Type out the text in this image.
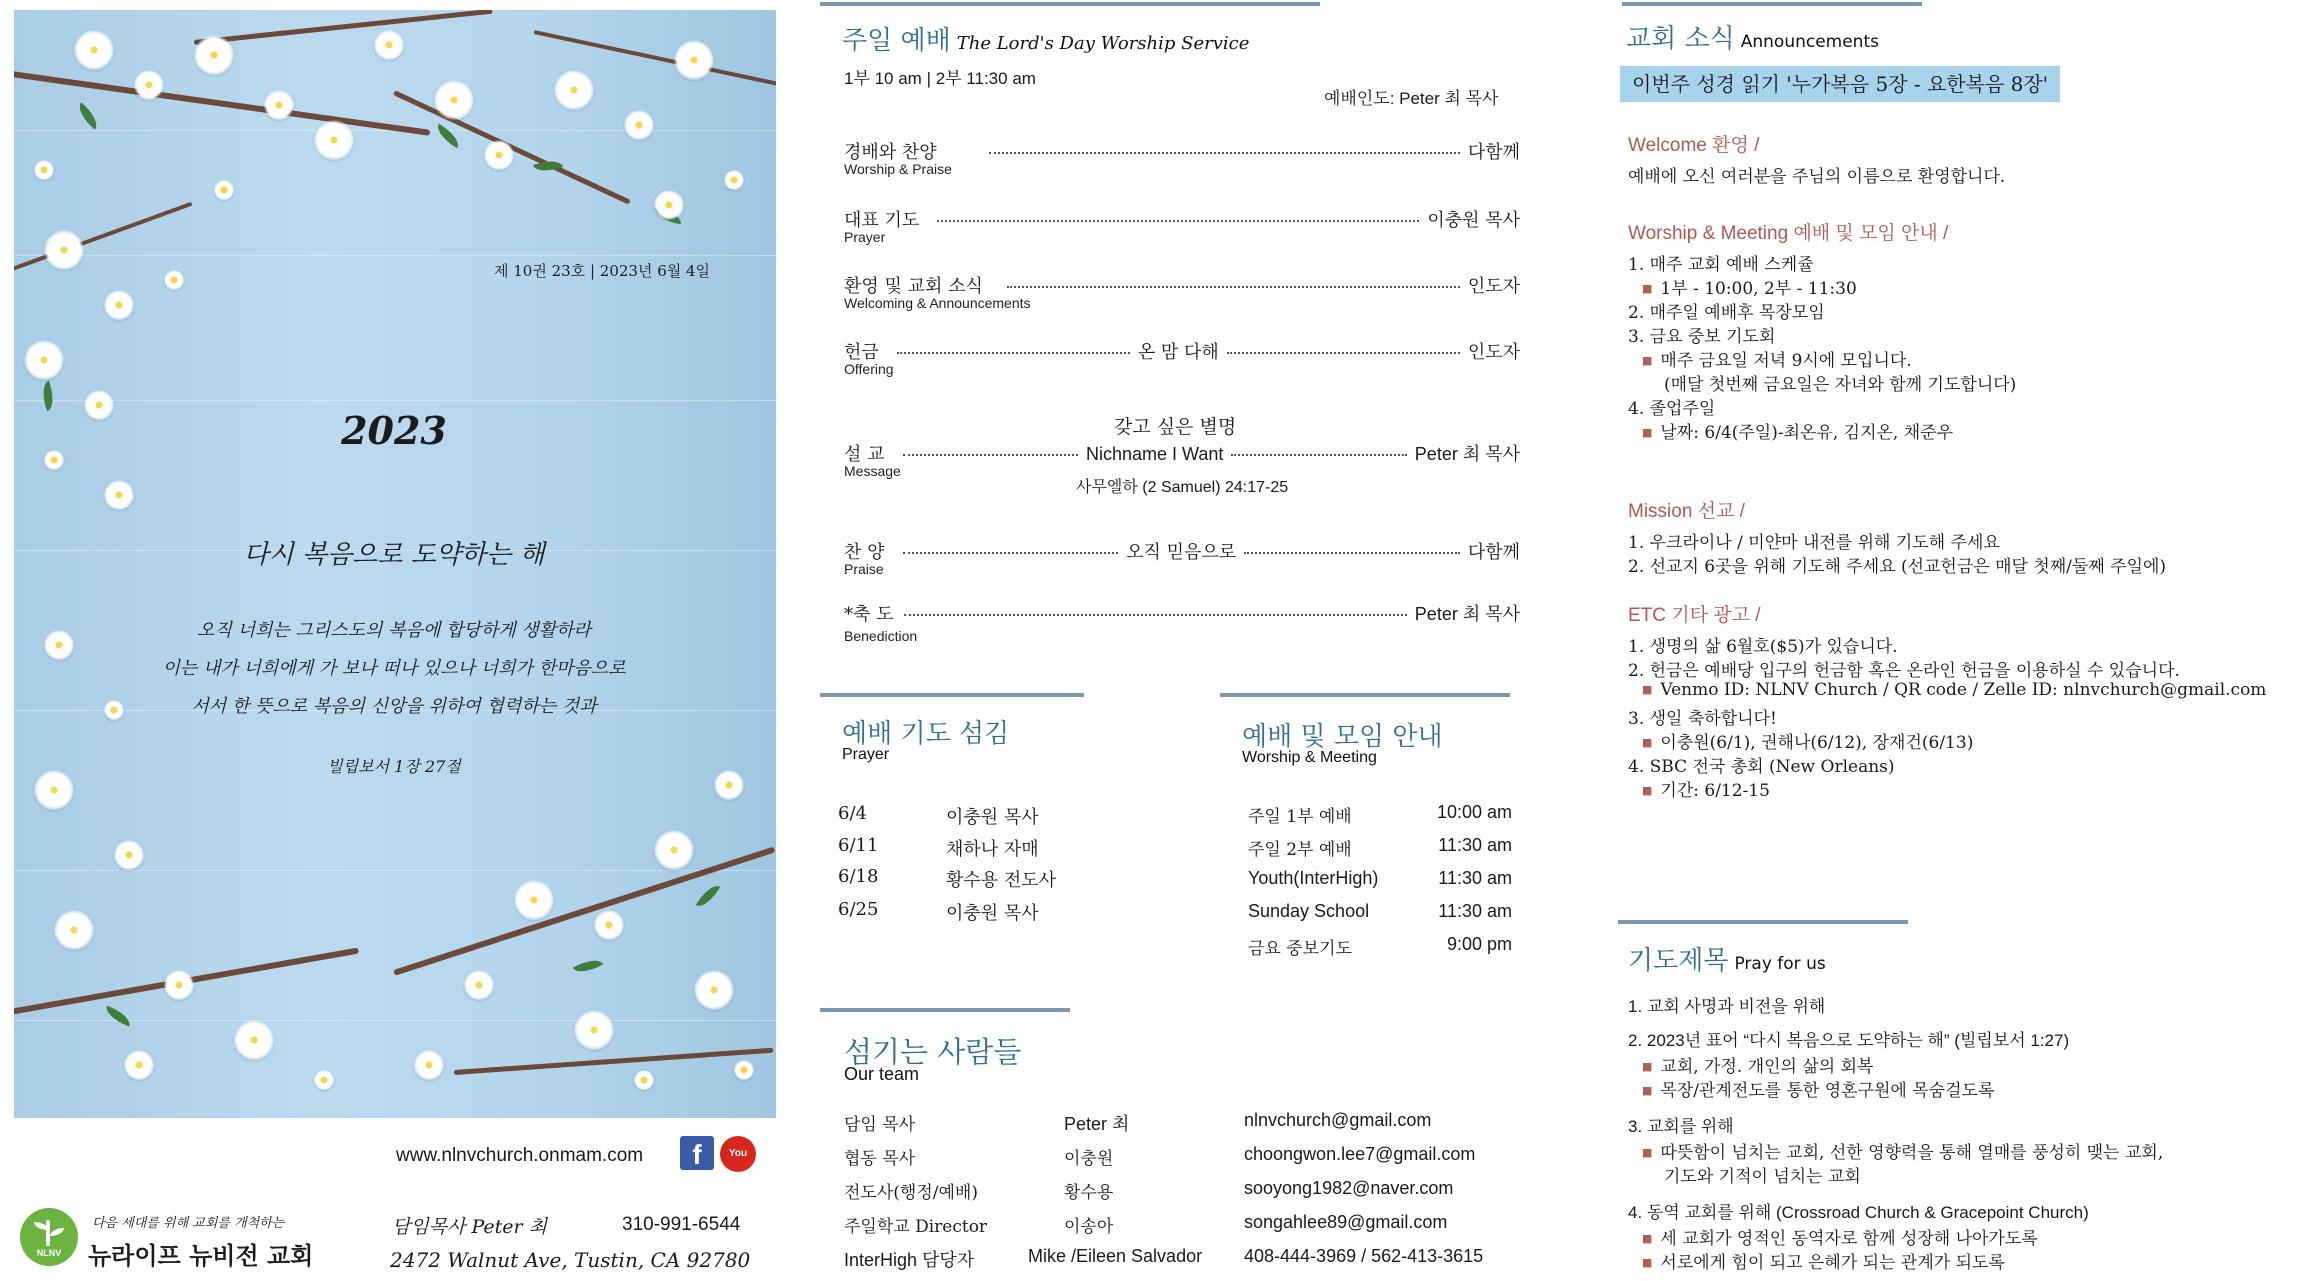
제 10권 23호 | 2023년 6월 4일
2023
다시 복음으로 도약하는 해
오직 너희는 그리스도의 복음에 합당하게 생활하라
이는 내가 너희에게 가 보나 떠나 있으나 너희가 한마음으로
서서 한 뜻으로 복음의 신앙을 위하여 협력하는 것과
빌립보서 1장 27절
www.nlnvchurch.onmam.com	f	You Tube
NLNV
다음 세대를 위해 교회를 개척하는
뉴라이프 뉴비전 교회
담임목사 Peter 최	310-991-6544
2472 Walnut Ave, Tustin, CA 92780
주일 예배 The Lord's Day Worship Service
1부 10 am | 2부 11:30 am
예배인도: Peter 최 목사
경배와 찬양	다함께
Worship & Praise
대표 기도	이충원 목사
Prayer
환영 및 교회 소식	인도자
Welcoming & Announcements
헌금	온 맘 다해	인도자
Offering
갖고 싶은 별명
설 교	Nichname I Want	Peter 최 목사
Message
사무엘하 (2 Samuel) 24:17-25
찬 양	오직 믿음으로	다함께
Praise
*축 도	Peter 최 목사
Benediction
예배 기도 섬김
Prayer
6/4	이충원 목사
6/11	채하나 자매
6/18	황수용 전도사
6/25	이충원 목사
예배 및 모임 안내
Worship & Meeting
주일 1부 예배	10:00 am
주일 2부 예배	11:30 am
Youth(InterHigh)	11:30 am
Sunday School	11:30 am
금요 중보기도	9:00 pm
섬기는 사람들
Our team
담임 목사	Peter 최	nlnvchurch@gmail.com
협동 목사	이충원	choongwon.lee7@gmail.com
전도사(행정/예배)	황수용	sooyong1982@naver.com
주일학교 Director	이송아	songahlee89@gmail.com
InterHigh 담당자	Mike /Eileen Salvador 408-444-3969 / 562-413-3615
교회 소식 Announcements
이번주 성경 읽기 '누가복음 5장 - 요한복음 8장'
Welcome 환영 /
예배에 오신 여러분을 주님의 이름으로 환영합니다.
Worship & Meeting 예배 및 모임 안내 /
1. 매주 교회 예배 스케쥴
■ 1부 - 10:00, 2부 - 11:30
2. 매주일 예배후 목장모임
3. 금요 중보 기도회
■ 매주 금요일 저녁 9시에 모입니다.
(매달 첫번째 금요일은 자녀와 함께 기도합니다)
4. 졸업주일
■ 날짜: 6/4(주일)-최온유, 김지온, 채준우
Mission 선교 /
1. 우크라이나 / 미얀마 내전를 위해 기도해 주세요
2. 선교지 6곳을 위해 기도해 주세요 (선교헌금은 매달 첫째/둘째 주일에)
ETC 기타 광고 /
1. 생명의 삶 6월호($5)가 있습니다.
2. 헌금은 예배당 입구의 헌금함 혹은 온라인 헌금을 이용하실 수 있습니다.
■ Venmo ID: NLNV Church / QR code / Zelle ID: nlnvchurch@gmail.com
3. 생일 축하합니다!
■ 이충원(6/1), 권해나(6/12), 장재건(6/13)
4. SBC 전국 총회 (New Orleans)
■ 기간: 6/12-15
기도제목 Pray for us
1. 교회 사명과 비전을 위해
2. 2023년 표어 “다시 복음으로 도약하는 해” (빌립보서 1:27)
■ 교회, 가정. 개인의 삶의 회복
■ 목장/관계전도를 통한 영혼구원에 목숨걸도록
3. 교회를 위해
■ 따뜻함이 넘치는 교회, 선한 영향력을 통해 열매를 풍성히 맺는 교회,
기도와 기적이 넘치는 교회
4. 동역 교회를 위해 (Crossroad Church & Gracepoint Church)
■ 세 교회가 영적인 동역자로 함께 성장해 나아가도록
■ 서로에게 힘이 되고 은혜가 되는 관계가 되도록
